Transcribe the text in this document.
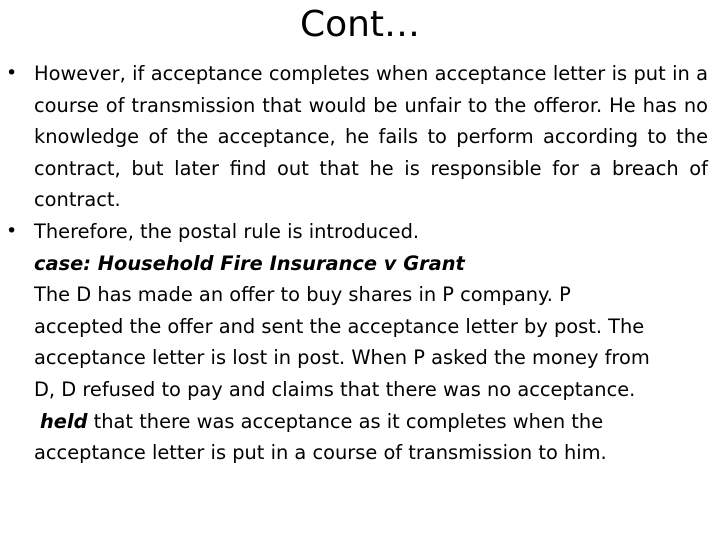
Cont…
• However, if acceptance completes when acceptance letter is put in a course of transmission that would be unfair to the offeror. He has no knowledge of the acceptance, he fails to perform according to the contract, but later find out that he is responsible for a breach of contract.
• Therefore, the postal rule is introduced.

case: Household Fire Insurance v Grant

The D has made an offer to buy shares in P company. P

accepted the offer and sent the acceptance letter by post. The

acceptance letter is lost in post. When P asked the money from

D, D refused to pay and claims that there was no acceptance.

held that there was acceptance as it completes when the

acceptance letter is put in a course of transmission to him.
